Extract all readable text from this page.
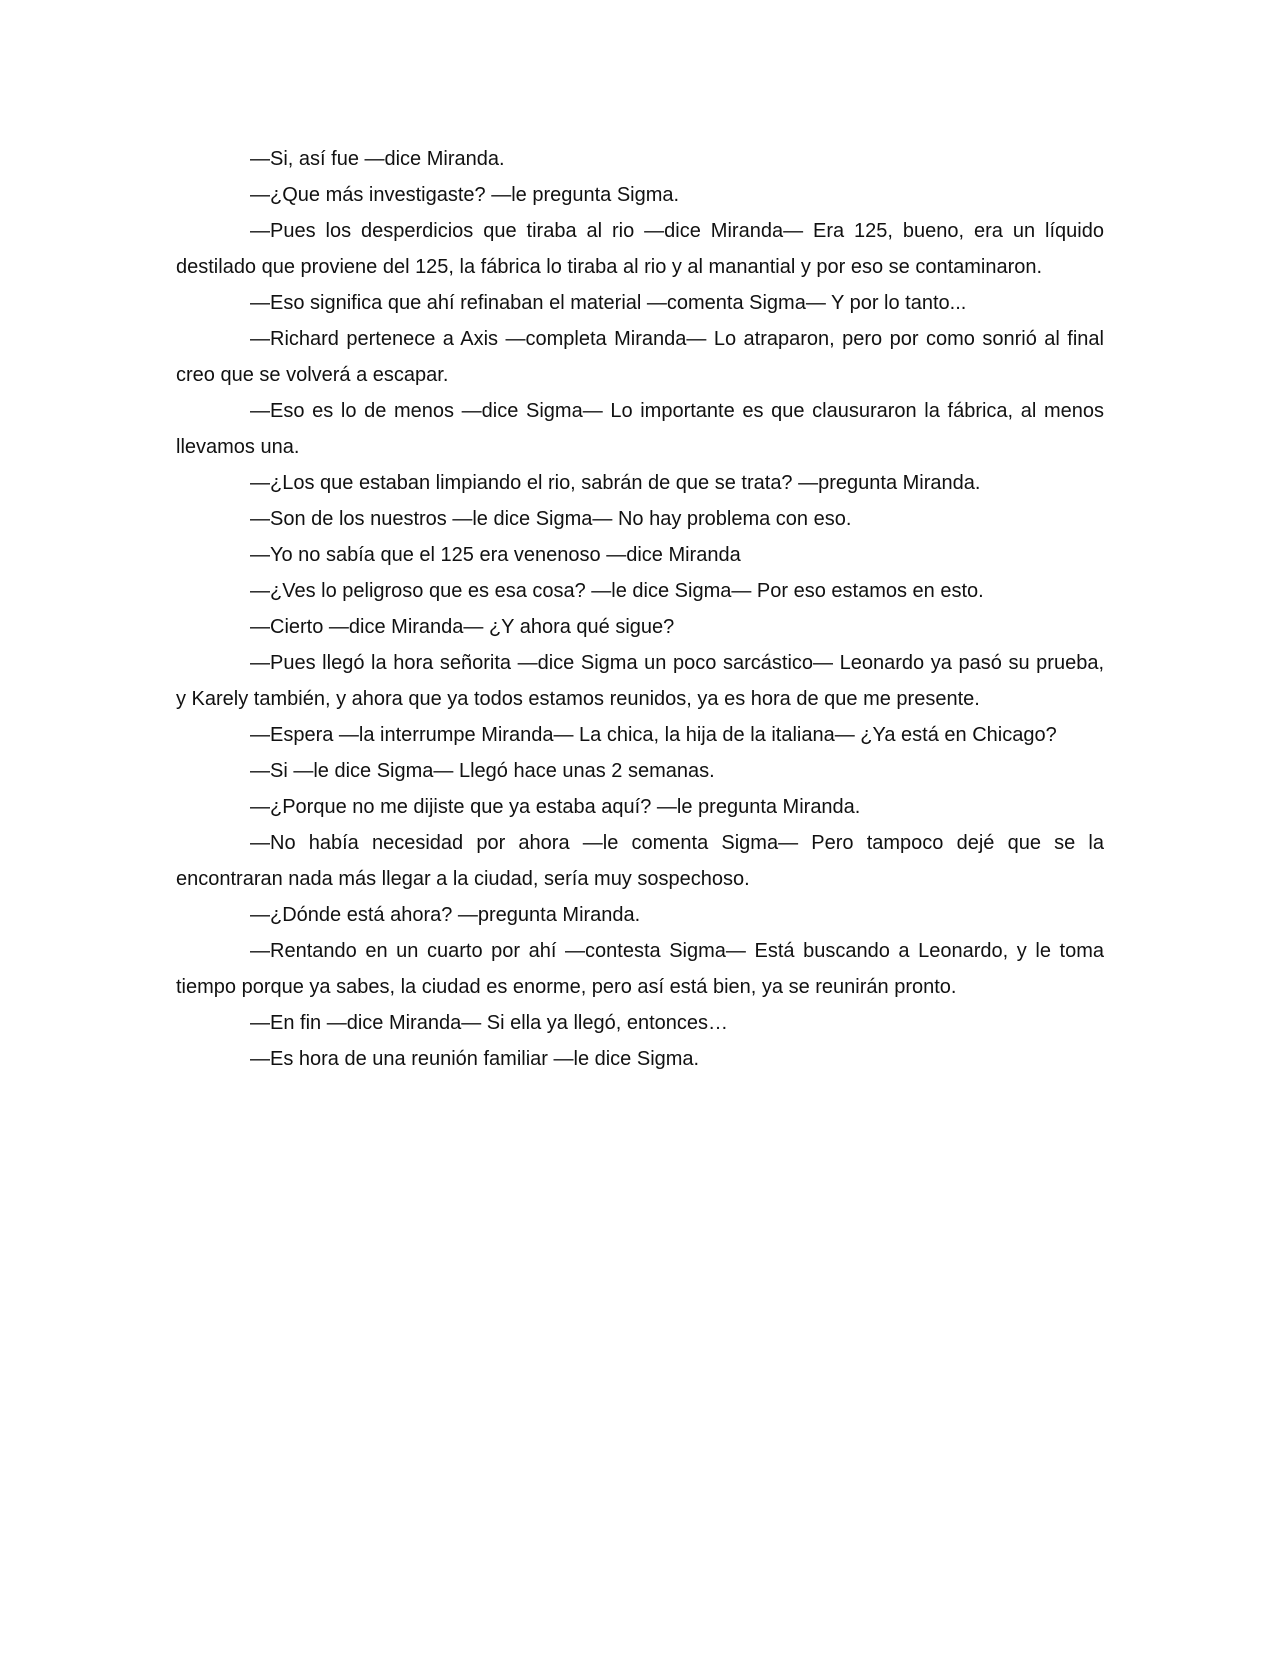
—Si, así fue —dice Miranda.

—¿Que más investigaste? —le pregunta Sigma.

—Pues los desperdicios que tiraba al rio —dice Miranda— Era 125, bueno, era un líquido destilado que proviene del 125, la fábrica lo tiraba al rio y al manantial y por eso se contaminaron.

—Eso significa que ahí refinaban el material —comenta Sigma— Y por lo tanto...

—Richard pertenece a Axis —completa Miranda— Lo atraparon, pero por como sonrió al final creo que se volverá a escapar.

—Eso es lo de menos —dice Sigma— Lo importante es que clausuraron la fábrica, al menos llevamos una.

—¿Los que estaban limpiando el rio, sabrán de que se trata? —pregunta Miranda.

—Son de los nuestros —le dice Sigma— No hay problema con eso.

—Yo no sabía que el 125 era venenoso —dice Miranda

—¿Ves lo peligroso que es esa cosa? —le dice Sigma— Por eso estamos en esto.

—Cierto —dice Miranda— ¿Y ahora qué sigue?

—Pues llegó la hora señorita —dice Sigma un poco sarcástico— Leonardo ya pasó su prueba, y Karely también, y ahora que ya todos estamos reunidos, ya es hora de que me presente.

—Espera —la interrumpe Miranda— La chica, la hija de la italiana— ¿Ya está en Chicago?

—Si —le dice Sigma— Llegó hace unas 2 semanas.

—¿Porque no me dijiste que ya estaba aquí? —le pregunta Miranda.

—No había necesidad por ahora —le comenta Sigma— Pero tampoco dejé que se la encontraran nada más llegar a la ciudad, sería muy sospechoso.

—¿Dónde está ahora? —pregunta Miranda.

—Rentando en un cuarto por ahí —contesta Sigma— Está buscando a Leonardo, y le toma tiempo porque ya sabes, la ciudad es enorme, pero así está bien, ya se reunirán pronto.

—En fin —dice Miranda— Si ella ya llegó, entonces…

—Es hora de una reunión familiar —le dice Sigma.
